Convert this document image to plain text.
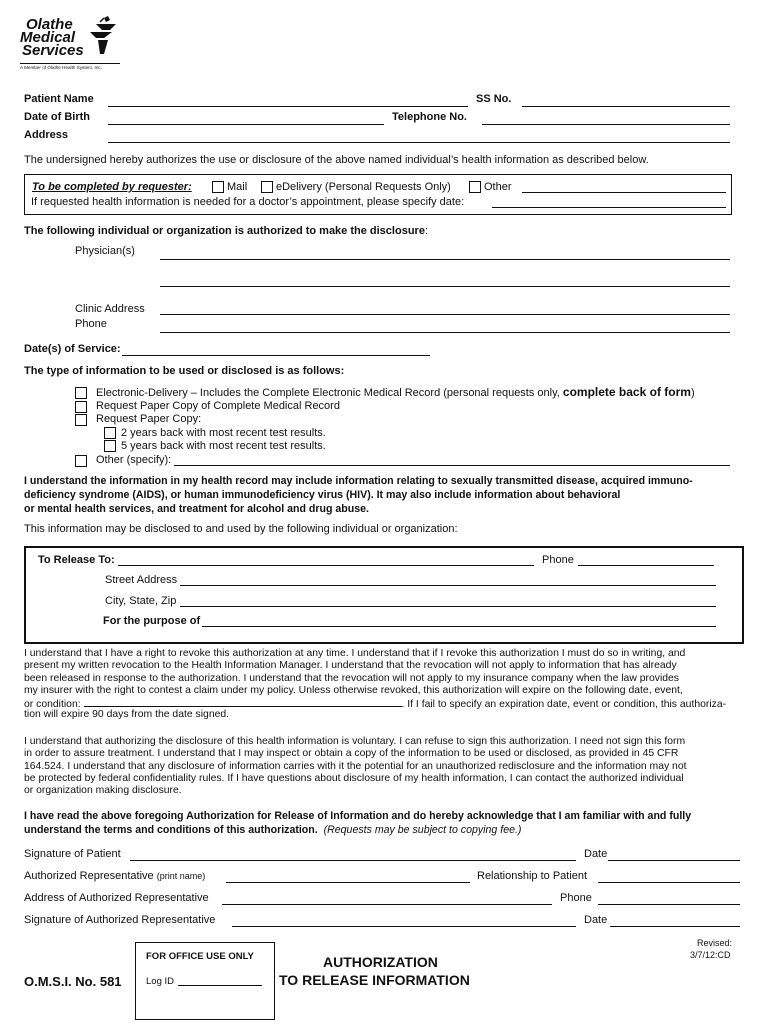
Olathe
Medical
Services
A Member of Olathe Health System, Inc.
Patient Name	SS No.
Date of Birth	Telephone No.
Address
The undersigned hereby authorizes the use or disclosure of the above named individual’s health information as described below.
To be completed by requester:	Mail	eDelivery (Personal Requests Only)	Other
If requested health information is needed for a doctor’s appointment, please specify date:
The following individual or organization is authorized to make the disclosure:
Physician(s)
Clinic Address
Phone
Date(s) of Service:
The type of information to be used or disclosed is as follows:
Electronic-Delivery – Includes the Complete Electronic Medical Record (personal requests only, complete back of form)
Request Paper Copy of Complete Medical Record
Request Paper Copy:
2 years back with most recent test results.
5 years back with most recent test results.
Other (specify):
I understand the information in my health record may include information relating to sexually transmitted disease, acquired immuno-
deficiency syndrome (AIDS), or human immunodeficiency virus (HIV). It may also include information about behavioral
or mental health services, and treatment for alcohol and drug abuse.
This information may be disclosed to and used by the following individual or organization:
To Release To:	Phone
Street Address
City, State, Zip
For the purpose of
I understand that I have a right to revoke this authorization at any time. I understand that if I revoke this authorization I must do so in writing, and
present my written revocation to the Health Information Manager. I understand that the revocation will not apply to information that has already
been released in response to the authorization. I understand that the revocation will not apply to my insurance company when the law provides
my insurer with the right to contest a claim under my policy. Unless otherwise revoked, this authorization will expire on the following date, event,
or condition:	. If I fail to specify an expiration date, event or condition, this authoriza-
tion will expire 90 days from the date signed.
I understand that authorizing the disclosure of this health information is voluntary. I can refuse to sign this authorization. I need not sign this form
in order to assure treatment. I understand that I may inspect or obtain a copy of the information to be used or disclosed, as provided in 45 CFR
164.524. I understand that any disclosure of information carries with it the potential for an unauthorized redisclosure and the information may not
be protected by federal confidentiality rules. If I have questions about disclosure of my health information, I can contact the authorized individual
or organization making disclosure.
I have read the above foregoing Authorization for Release of Information and do hereby acknowledge that I am familiar with and fully
understand the terms and conditions of this authorization. (Requests may be subject to copying fee.)
Signature of Patient	Date
Authorized Representative (print name)	Relationship to Patient
Address of Authorized Representative	Phone
Signature of Authorized Representative	Date
O.M.S.I. No. 581
FOR OFFICE USE ONLY
Log ID
AUTHORIZATION
TO RELEASE INFORMATION
Revised:
3/7/12:CD
